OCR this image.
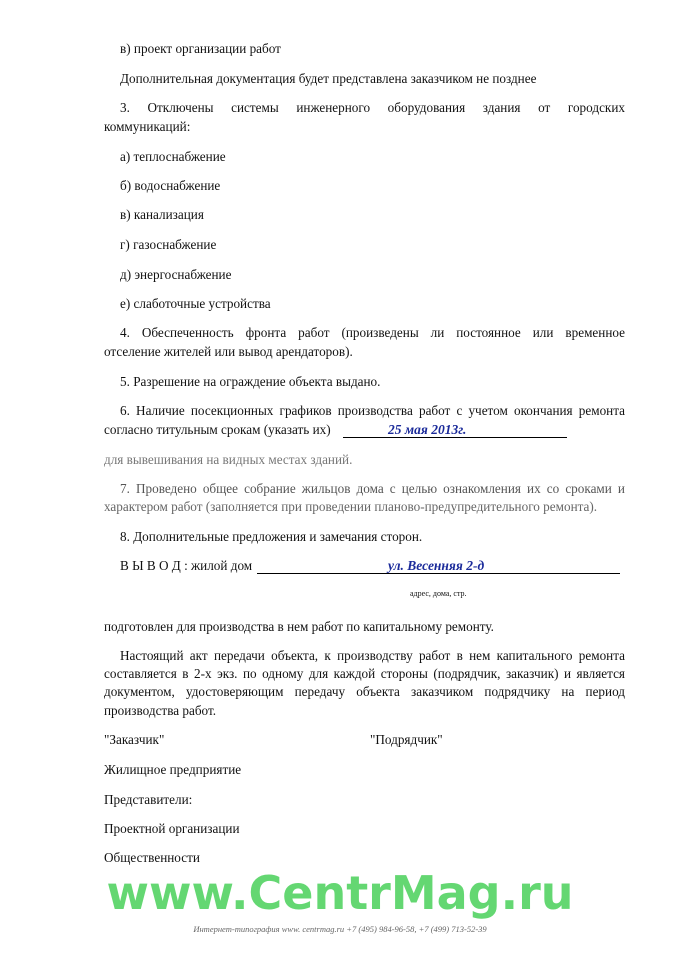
в) проект организации работ
Дополнительная документация будет представлена заказчиком не позднее
3. Отключены системы инженерного оборудования здания от городских
коммуникаций:
а) теплоснабжение
б) водоснабжение
в) канализация
г) газоснабжение
д) энергоснабжение
е) слаботочные устройства
4. Обеспеченность фронта работ (произведены ли постоянное или временное
отселение жителей или вывод арендаторов).
5. Разрешение на ограждение объекта выдано.
6. Наличие посекционных графиков производства работ с учетом окончания ремонта
согласно титульным срокам (указать их)	25 мая 2013г.
для вывешивания на видных местах зданий.
7. Проведено общее собрание жильцов дома с целью ознакомления их со сроками и
характером работ (заполняется при проведении планово-предупредительного ремонта).
8. Дополнительные предложения и замечания сторон.
В Ы В О Д : жилой дом	ул. Весенняя 2-д
адрес, дома, стр.
подготовлен для производства в нем работ по капитальному ремонту.
Настоящий акт передачи объекта, к производству работ в нем капитального ремонта
составляется в 2-х экз. по одному для каждой стороны (подрядчик, заказчик) и является
документом, удостоверяющим передачу объекта заказчиком подрядчику на период
производства работ.
"Заказчик"	"Подрядчик"
Жилищное предприятие
Представители:
Проектной организации
Общественности
www.CentrMag.ru
Интернет-типография www. centrmag.ru +7 (495) 984-96-58, +7 (499) 713-52-39
